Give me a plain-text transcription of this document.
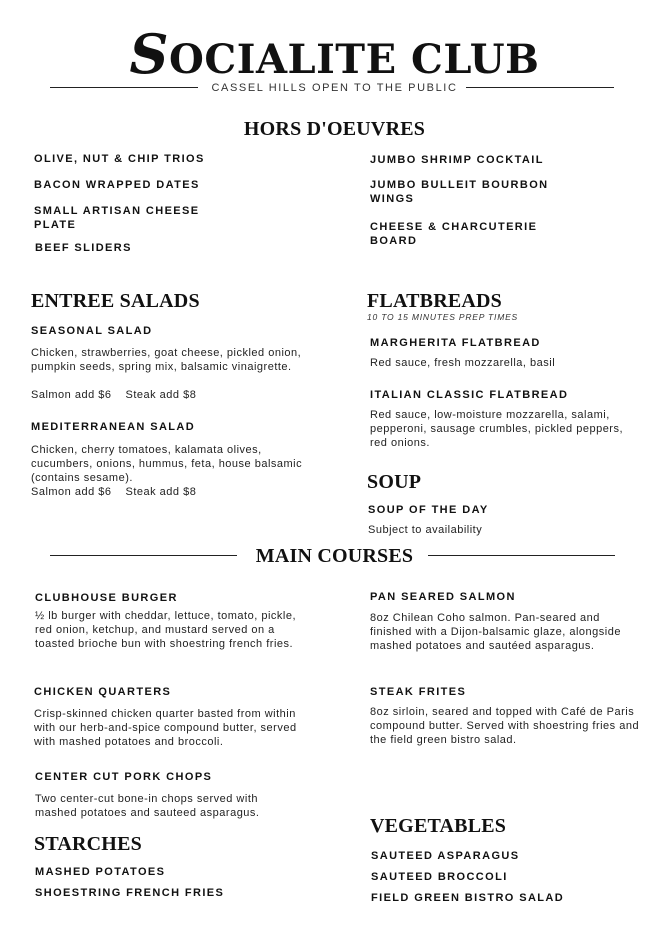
SOCIALITE CLUB
CASSEL HILLS OPEN TO THE PUBLIC
HORS D'OEUVRES
OLIVE, NUT & CHIP TRIOS
BACON WRAPPED DATES
SMALL ARTISAN CHEESE PLATE
BEEF SLIDERS
JUMBO SHRIMP COCKTAIL
JUMBO BULLEIT BOURBON WINGS
CHEESE & CHARCUTERIE BOARD
ENTREE SALADS
SEASONAL SALAD
Chicken, strawberries, goat cheese, pickled onion, pumpkin seeds, spring mix, balsamic vinaigrette.
Salmon add $6 Steak add $8
MEDITERRANEAN SALAD
Chicken, cherry tomatoes, kalamata olives, cucumbers, onions, hummus, feta, house balsamic (contains sesame).
Salmon add $6 Steak add $8
FLATBREADS
10 TO 15 MINUTES PREP TIMES
MARGHERITA FLATBREAD
Red sauce, fresh mozzarella, basil
ITALIAN CLASSIC FLATBREAD
Red sauce, low-moisture mozzarella, salami, pepperoni, sausage crumbles, pickled peppers, red onions.
SOUP
SOUP OF THE DAY
Subject to availability
MAIN COURSES
CLUBHOUSE BURGER
½ lb burger with cheddar, lettuce, tomato, pickle, red onion, ketchup, and mustard served on a toasted brioche bun with shoestring french fries.
CHICKEN QUARTERS
Crisp-skinned chicken quarter basted from within with our herb-and-spice compound butter, served with mashed potatoes and broccoli.
CENTER CUT PORK CHOPS
Two center-cut bone-in chops served with mashed potatoes and sauteed asparagus.
PAN SEARED SALMON
8oz Chilean Coho salmon. Pan-seared and finished with a Dijon-balsamic glaze, alongside mashed potatoes and sautéed asparagus.
STEAK FRITES
8oz sirloin, seared and topped with Café de Paris compound butter. Served with shoestring fries and the field green bistro salad.
STARCHES
MASHED POTATOES
SHOESTRING FRENCH FRIES
VEGETABLES
SAUTEED ASPARAGUS
SAUTEED BROCCOLI
FIELD GREEN BISTRO SALAD
